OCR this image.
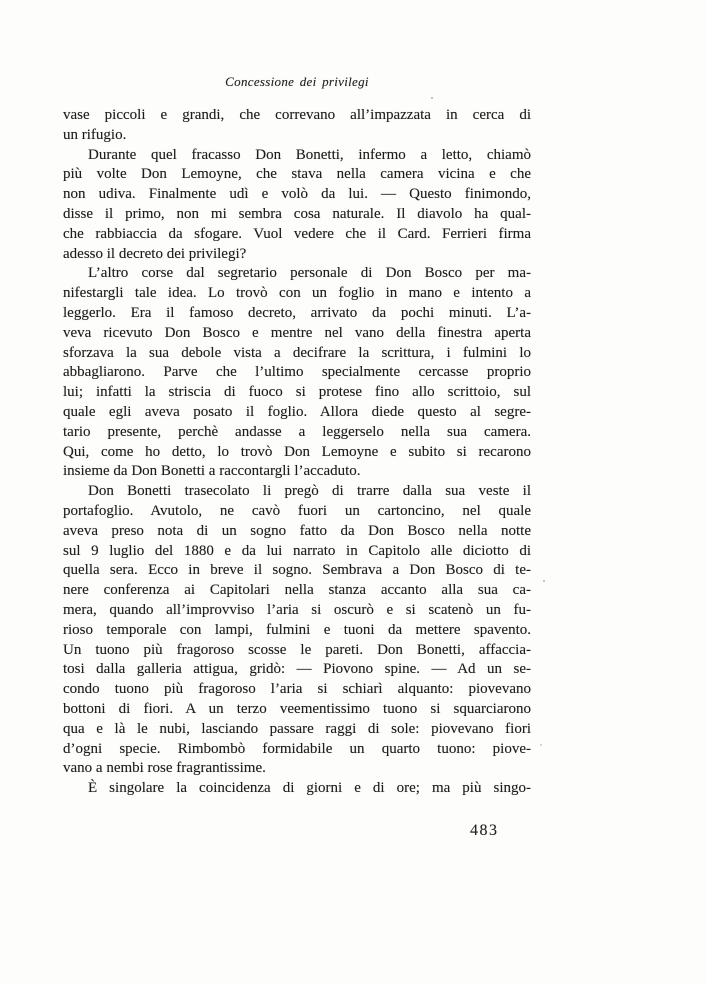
Concessione dei privilegi
vase piccoli e grandi, che correvano all’impazzata in cerca di
un rifugio.
Durante quel fracasso Don Bonetti, infermo a letto, chiamò
più volte Don Lemoyne, che stava nella camera vicina e che
non udiva. Finalmente udì e volò da lui. — Questo finimondo,
disse il primo, non mi sembra cosa naturale. Il diavolo ha qual-
che rabbiaccia da sfogare. Vuol vedere che il Card. Ferrieri firma
adesso il decreto dei privilegi?
L’altro corse dal segretario personale di Don Bosco per ma-
nifestargli tale idea. Lo trovò con un foglio in mano e intento a
leggerlo. Era il famoso decreto, arrivato da pochi minuti. L’a-
veva ricevuto Don Bosco e mentre nel vano della finestra aperta
sforzava la sua debole vista a decifrare la scrittura, i fulmini lo
abbagliarono. Parve che l’ultimo specialmente cercasse proprio
lui; infatti la striscia di fuoco si protese fino allo scrittoio, sul
quale egli aveva posato il foglio. Allora diede questo al segre-
tario presente, perchè andasse a leggerselo nella sua camera.
Qui, come ho detto, lo trovò Don Lemoyne e subito si recarono
insieme da Don Bonetti a raccontargli l’accaduto.
Don Bonetti trasecolato li pregò di trarre dalla sua veste il
portafoglio. Avutolo, ne cavò fuori un cartoncino, nel quale
aveva preso nota di un sogno fatto da Don Bosco nella notte
sul 9 luglio del 1880 e da lui narrato in Capitolo alle diciotto di
quella sera. Ecco in breve il sogno. Sembrava a Don Bosco di te-
nere conferenza ai Capitolari nella stanza accanto alla sua ca-
mera, quando all’improvviso l’aria si oscurò e si scatenò un fu-
rioso temporale con lampi, fulmini e tuoni da mettere spavento.
Un tuono più fragoroso scosse le pareti. Don Bonetti, affaccia-
tosi dalla galleria attigua, gridò: — Piovono spine. — Ad un se-
condo tuono più fragoroso l’aria si schiarì alquanto: piovevano
bottoni di fiori. A un terzo veementissimo tuono si squarciarono
qua e là le nubi, lasciando passare raggi di sole: piovevano fiori
d’ogni specie. Rimbombò formidabile un quarto tuono: piove-
vano a nembi rose fragrantissime.
È singolare la coincidenza di giorni e di ore; ma più singo-
483
